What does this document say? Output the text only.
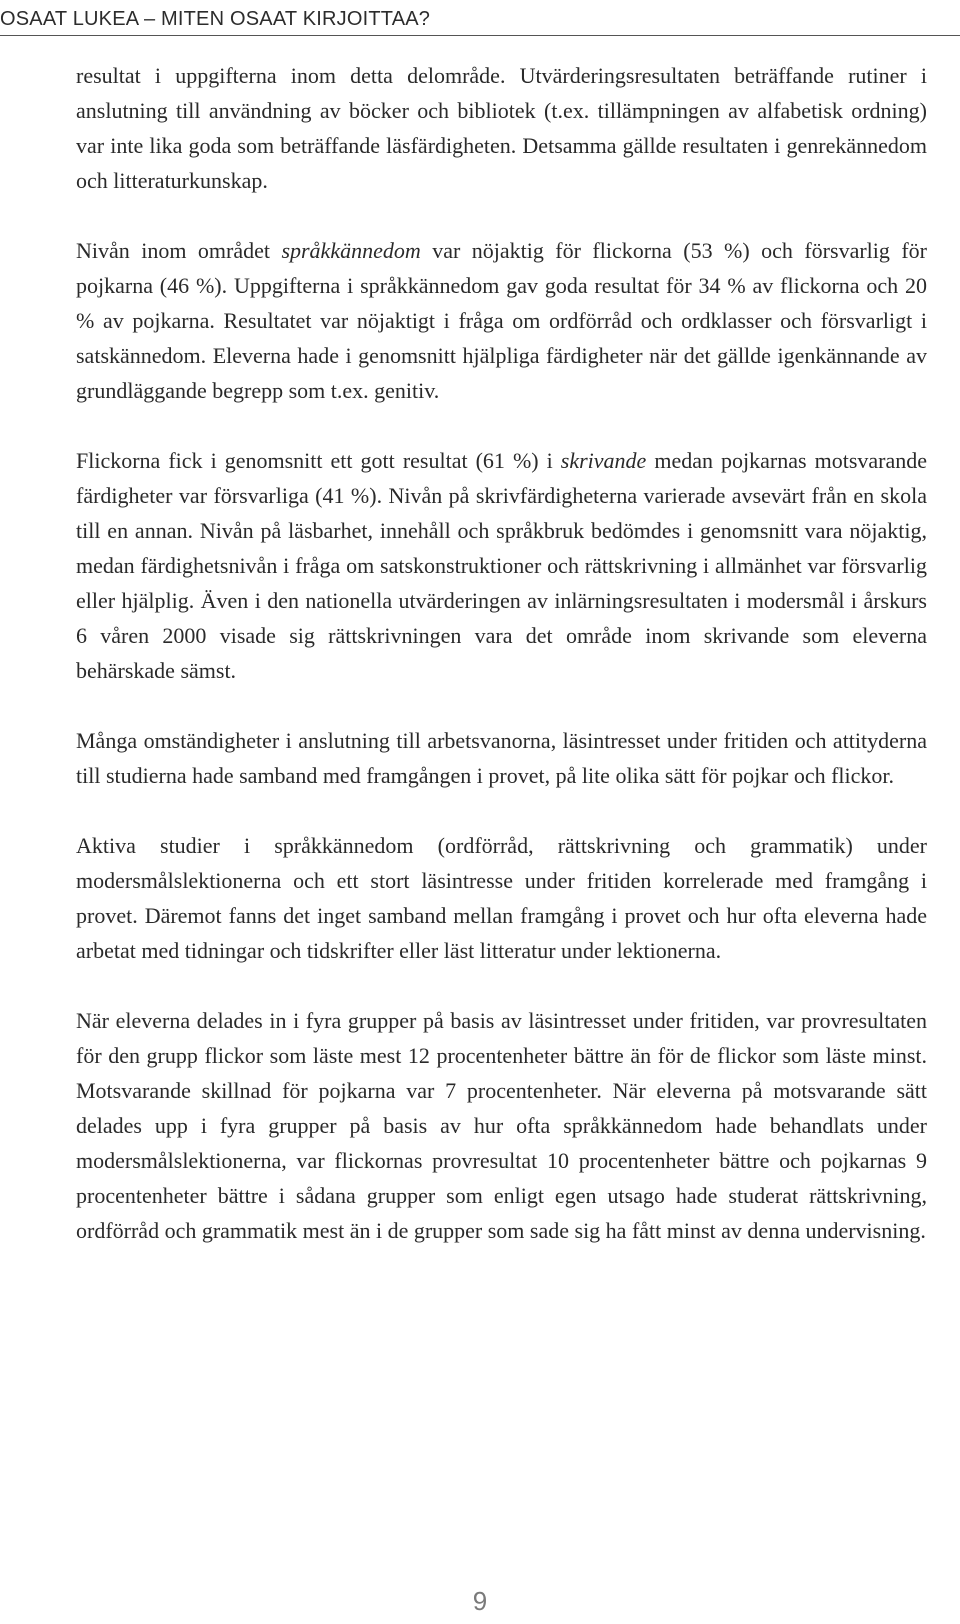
OSAAT LUKEA – MITEN OSAAT KIRJOITTAA?

resultat i uppgifterna inom detta delområde. Utvärderingsresultaten beträffande rutiner i anslutning till användning av böcker och bibliotek (t.ex. tillämpningen av alfabetisk ordning) var inte lika goda som beträffande läsfärdigheten. Detsamma gällde resultaten i genrekännedom och litteraturkunskap.

Nivån inom området språkkännedom var nöjaktig för flickorna (53 %) och försvarlig för pojkarna (46 %). Uppgifterna i språkkännedom gav goda resultat för 34 % av flickorna och 20 % av pojkarna. Resultatet var nöjaktigt i fråga om ordförråd och ordklasser och försvarligt i satskännedom. Eleverna hade i genomsnitt hjälpliga färdigheter när det gällde igenkännande av grundläggande begrepp som t.ex. genitiv.

Flickorna fick i genomsnitt ett gott resultat (61 %) i skrivande medan pojkarnas motsvarande färdigheter var försvarliga (41 %). Nivån på skrivfärdigheterna varierade avsevärt från en skola till en annan. Nivån på läsbarhet, innehåll och språkbruk bedömdes i genomsnitt vara nöjaktig, medan färdighetsnivån i fråga om satskonstruktioner och rättskrivning i allmänhet var försvarlig eller hjälplig. Även i den nationella utvärderingen av inlärningsresultaten i modersmål i årskurs 6 våren 2000 visade sig rättskrivningen vara det område inom skrivande som eleverna behärskade sämst.

Många omständigheter i anslutning till arbetsvanorna, läsintresset under fritiden och attityderna till studierna hade samband med framgången i provet, på lite olika sätt för pojkar och flickor.

Aktiva studier i språkkännedom (ordförråd, rättskrivning och grammatik) under modersmålslektionerna och ett stort läsintresse under fritiden korrelerade med framgång i provet. Däremot fanns det inget samband mellan framgång i provet och hur ofta eleverna hade arbetat med tidningar och tidskrifter eller läst litteratur under lektionerna.

När eleverna delades in i fyra grupper på basis av läsintresset under fritiden, var provresultaten för den grupp flickor som läste mest 12 procentenheter bättre än för de flickor som läste minst. Motsvarande skillnad för pojkarna var 7 procentenheter. När eleverna på motsvarande sätt delades upp i fyra grupper på basis av hur ofta språkkännedom hade behandlats under modersmålslektionerna, var flickornas provresultat 10 procentenheter bättre och pojkarnas 9 procentenheter bättre i sådana grupper som enligt egen utsago hade studerat rättskrivning, ordförråd och grammatik mest än i de grupper som sade sig ha fått minst av denna undervisning.

9
